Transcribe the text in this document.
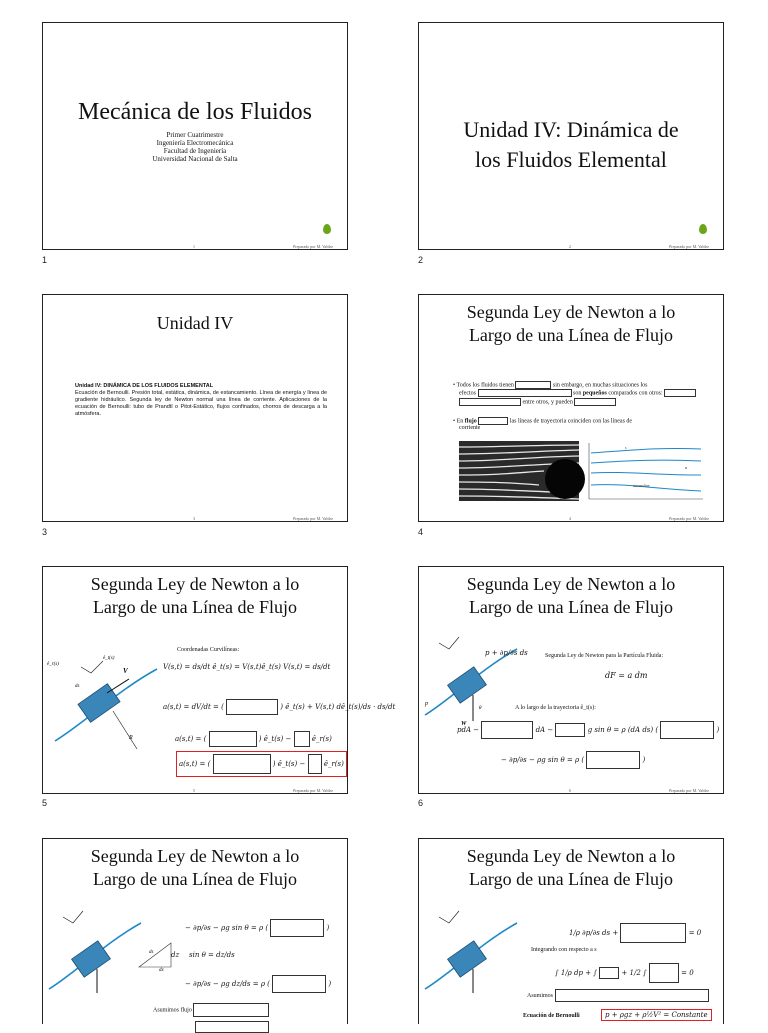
Mecánica de los Fluidos
Primer Cuatrimestre
Ingeniería Electromecánica
Facultad de Ingeniería
Universidad Nacional de Salta
1	Preparado por M. Valdez
1
Unidad IV: Dinámica de
los Fluidos Elemental
2	Preparado por M. Valdez
2
Unidad IV
Unidad IV: DINÁMICA DE LOS FLUIDOS ELEMENTAL
Ecuación de Bernoulli. Presión total, estática, dinámica, de estancamiento. Línea de energía y línea de gradiente hidráulico. Segunda ley de Newton normal una línea de corriente. Aplicaciones de la ecuación de Bernoulli: tubo de Prandtl o Pitot-Estático, flujos confinados, chorros de descarga a la atmósfera.
3	Preparado por M. Valdez
3
Segunda Ley de Newton a lo
Largo de una Línea de Flujo
• Todos los fluidos tienen	sin embargo, en muchas situaciones los
efectos	son pequeños comparados con otros:
entre otros, y pueden
• En flujo	las líneas de trayectoria coinciden con las líneas de
corriente
s
n
streamline
4	Preparado por M. Valdez
4
Segunda Ley de Newton a lo
Largo de una Línea de Flujo
V
R
ds
ê_r(s)
ê_t(s)
Coordenadas Curvilíneas:
V(s,t) = ds/dt ê_t(s) = V(s,t)ê_t(s) V(s,t) = ds/dt
a(s,t) = dV/dt = (	) ê_t(s) + V(s,t) dê_t(s)/ds · ds/dt
a(s,t) = (	) ê_t(s) −	ê_r(s)
a(s,t) = (	) ê_t(s) −	ê_r(s)
5	Preparado por M. Valdez
5
Segunda Ley de Newton a lo
Largo de una Línea de Flujo
W
p
θ
p + ∂p/∂s ds	Segunda Ley de Newton para la Partícula Fluida:
dF = a dm
A lo largo de la trayectoria ê_t(s):
pdA −	dA −	g sin θ = ρ (dA ds) (	)
− ∂p/∂s − ρg sin θ = ρ (	)
6	Preparado por M. Valdez
6
Segunda Ley de Newton a lo
Largo de una Línea de Flujo
ds
dx
dz
− ∂p/∂s − ρg sin θ = ρ (	)
sin θ = dz/ds
− ∂p/∂s − ρg dz/ds = ρ (	)
Asumimos flujo
Segunda Ley de Newton a lo
Largo de una Línea de Flujo
1/ρ ∂p/∂s ds +	= 0
Integrando con respecto a s
∫ 1/ρ dp + ∫	+ 1/2 ∫	= 0
Asumimos
Ecuación de Bernoulli	p + ρgz + ρ½V² = Constante
